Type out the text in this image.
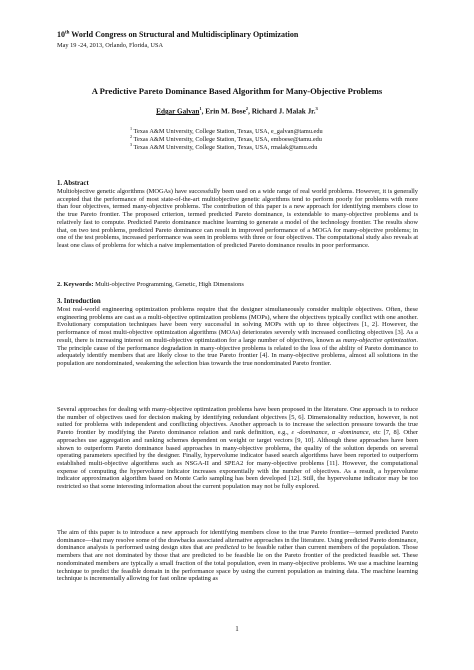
10th World Congress on Structural and Multidisciplinary Optimization
May 19 -24, 2013, Orlando, Florida, USA
A Predictive Pareto Dominance Based Algorithm for Many-Objective Problems
Edgar Galvan$^1$, Erin M. Bose$^2$, Richard J. Malak Jr.$^3$
$^1$ Texas A&M University, College Station, Texas, USA, e_galvan@tamu.edu
$^2$ Texas A&M University, College Station, Texas, USA, emboese@tamu.edu
$^3$ Texas A&M University, College Station, Texas, USA, rmalak@tamu.edu
1. Abstract
Multiobjective genetic algorithms (MOGAs) have successfully been used on a wide range of real world problems. However, it is generally accepted that the performance of most state-of-the-art multiobjective genetic algorithms tend to perform poorly for problems with more than four objectives, termed many-objective problems. The contribution of this paper is a new approach for identifying members close to the true Pareto frontier. The proposed criterion, termed predicted Pareto dominance, is extendable to many-objective problems and is relatively fast to compute. Predicted Pareto dominance machine learning to generate a model of the technology frontier. The results show that, on two test problems, predicted Pareto dominance can result in improved performance of a MOGA for many-objective problems; in one of the test problems, increased performance was seen in problems with three or four objectives. The computational study also reveals at least one class of problems for which a naive implementation of predicted Pareto dominance results in poor performance.
2. Keywords: Multi-objective Programming, Genetic, High Dimensions
3. Introduction
Most real-world engineering optimization problems require that the designer simultaneously consider multiple objectives. Often, these engineering problems are cast as a multi-objective optimization problems (MOPs), where the objectives typically conflict with one another. Evolutionary computation techniques have been very successful in solving MOPs with up to three objectives [1, 2]. However, the performance of most multi-objective optimization algorithms (MOAs) deteriorates severely with increased conflicting objectives [3]. As a result, there is increasing interest on multi-objective optimization for a large number of objectives, known as many-objective optimization. The principle cause of the performance degradation in many-objective problems is related to the loss of the ability of Pareto dominance to adequately identify members that are likely close to the true Pareto frontier [4]. In many-objective problems, almost all solutions in the population are nondominated, weakening the selection bias towards the true nondominated Pareto frontier.
Several approaches for dealing with many-objective optimization problems have been proposed in the literature. One approach is to reduce the number of objectives used for decision making by identifying redundant objectives [5, 6]. Dimensionality reduction, however, is not suited for problems with independent and conflicting objectives. Another approach is to increase the selection pressure towards the true Pareto frontier by modifying the Pareto dominance relation and rank definition, e.g., ε -dominance, α -dominance, etc [7, 8]. Other approaches use aggregation and ranking schemes dependent on weight or target vectors [9, 10]. Although these approaches have been shown to outperform Pareto dominance based approaches in many-objective problems, the quality of the solution depends on several operating parameters specified by the designer. Finally, hypervolume indicator based search algorithms have been reported to outperform established multi-objective algorithms such as NSGA-II and SPEA2 for many-objective problems [11]. However, the computational expense of computing the hypervolume indicator increases exponentially with the number of objectives. As a result, a hypervolume indicator approximation algorithm based on Monte Carlo sampling has been developed [12]. Still, the hypervolume indicator may be too restricted so that some interesting information about the current population may not be fully explored.
The aim of this paper is to introduce a new approach for identifying members close to the true Pareto frontier—termed predicted Pareto dominance—that may resolve some of the drawbacks associated alternative approaches in the literature. Using predicted Pareto dominance, dominance analysis is performed using design sites that are predicted to be feasible rather than current members of the population. Those members that are not dominated by those that are predicted to be feasible lie on the Pareto frontier of the predicted feasible set. These nondominated members are typically a small fraction of the total population, even in many-objective problems. We use a machine learning technique to predict the feasible domain in the performance space by using the current population as training data. The machine learning technique is incrementally allowing for fast online updating as
1
